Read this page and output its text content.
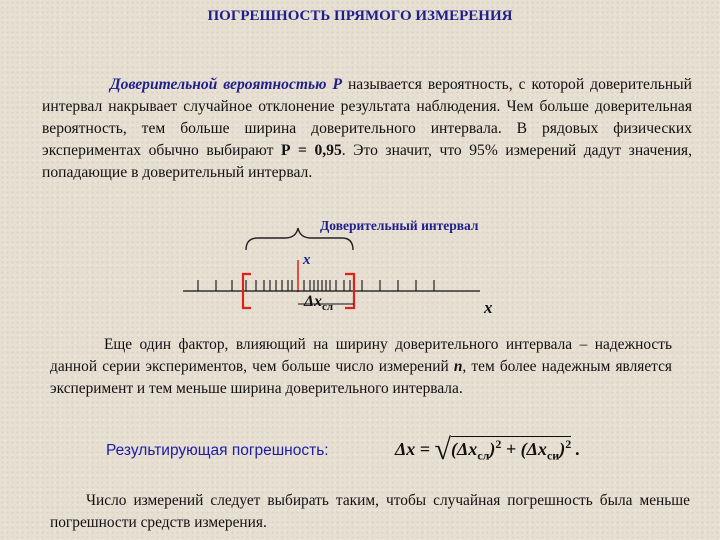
ПОГРЕШНОСТЬ ПРЯМОГО ИЗМЕРЕНИЯ
Доверительной вероятностью Р называется вероятность, с которой доверительный интервал накрывает случайное отклонение результата наблюдения. Чем больше доверительная вероятность, тем больше ширина доверительного интервала. В рядовых физических экспериментах обычно выбирают Р = 0,95. Это значит, что 95% измерений дадут значения, попадающие в доверительный интервал.
Доверительный интервал
x
$\Delta x_{сл}$	x
Еще один фактор, влияющий на ширину доверительного интервала – надежность данной серии экспериментов, чем больше число измерений n, тем более надежным является эксперимент и тем меньше ширина доверительного интервала.
Результирующая погрешность:	$\Delta x = √(\Delta x_{сл})^2 + (\Delta x_{си})^2$ .
Число измерений следует выбирать таким, чтобы случайная погрешность была меньше погрешности средств измерения.
